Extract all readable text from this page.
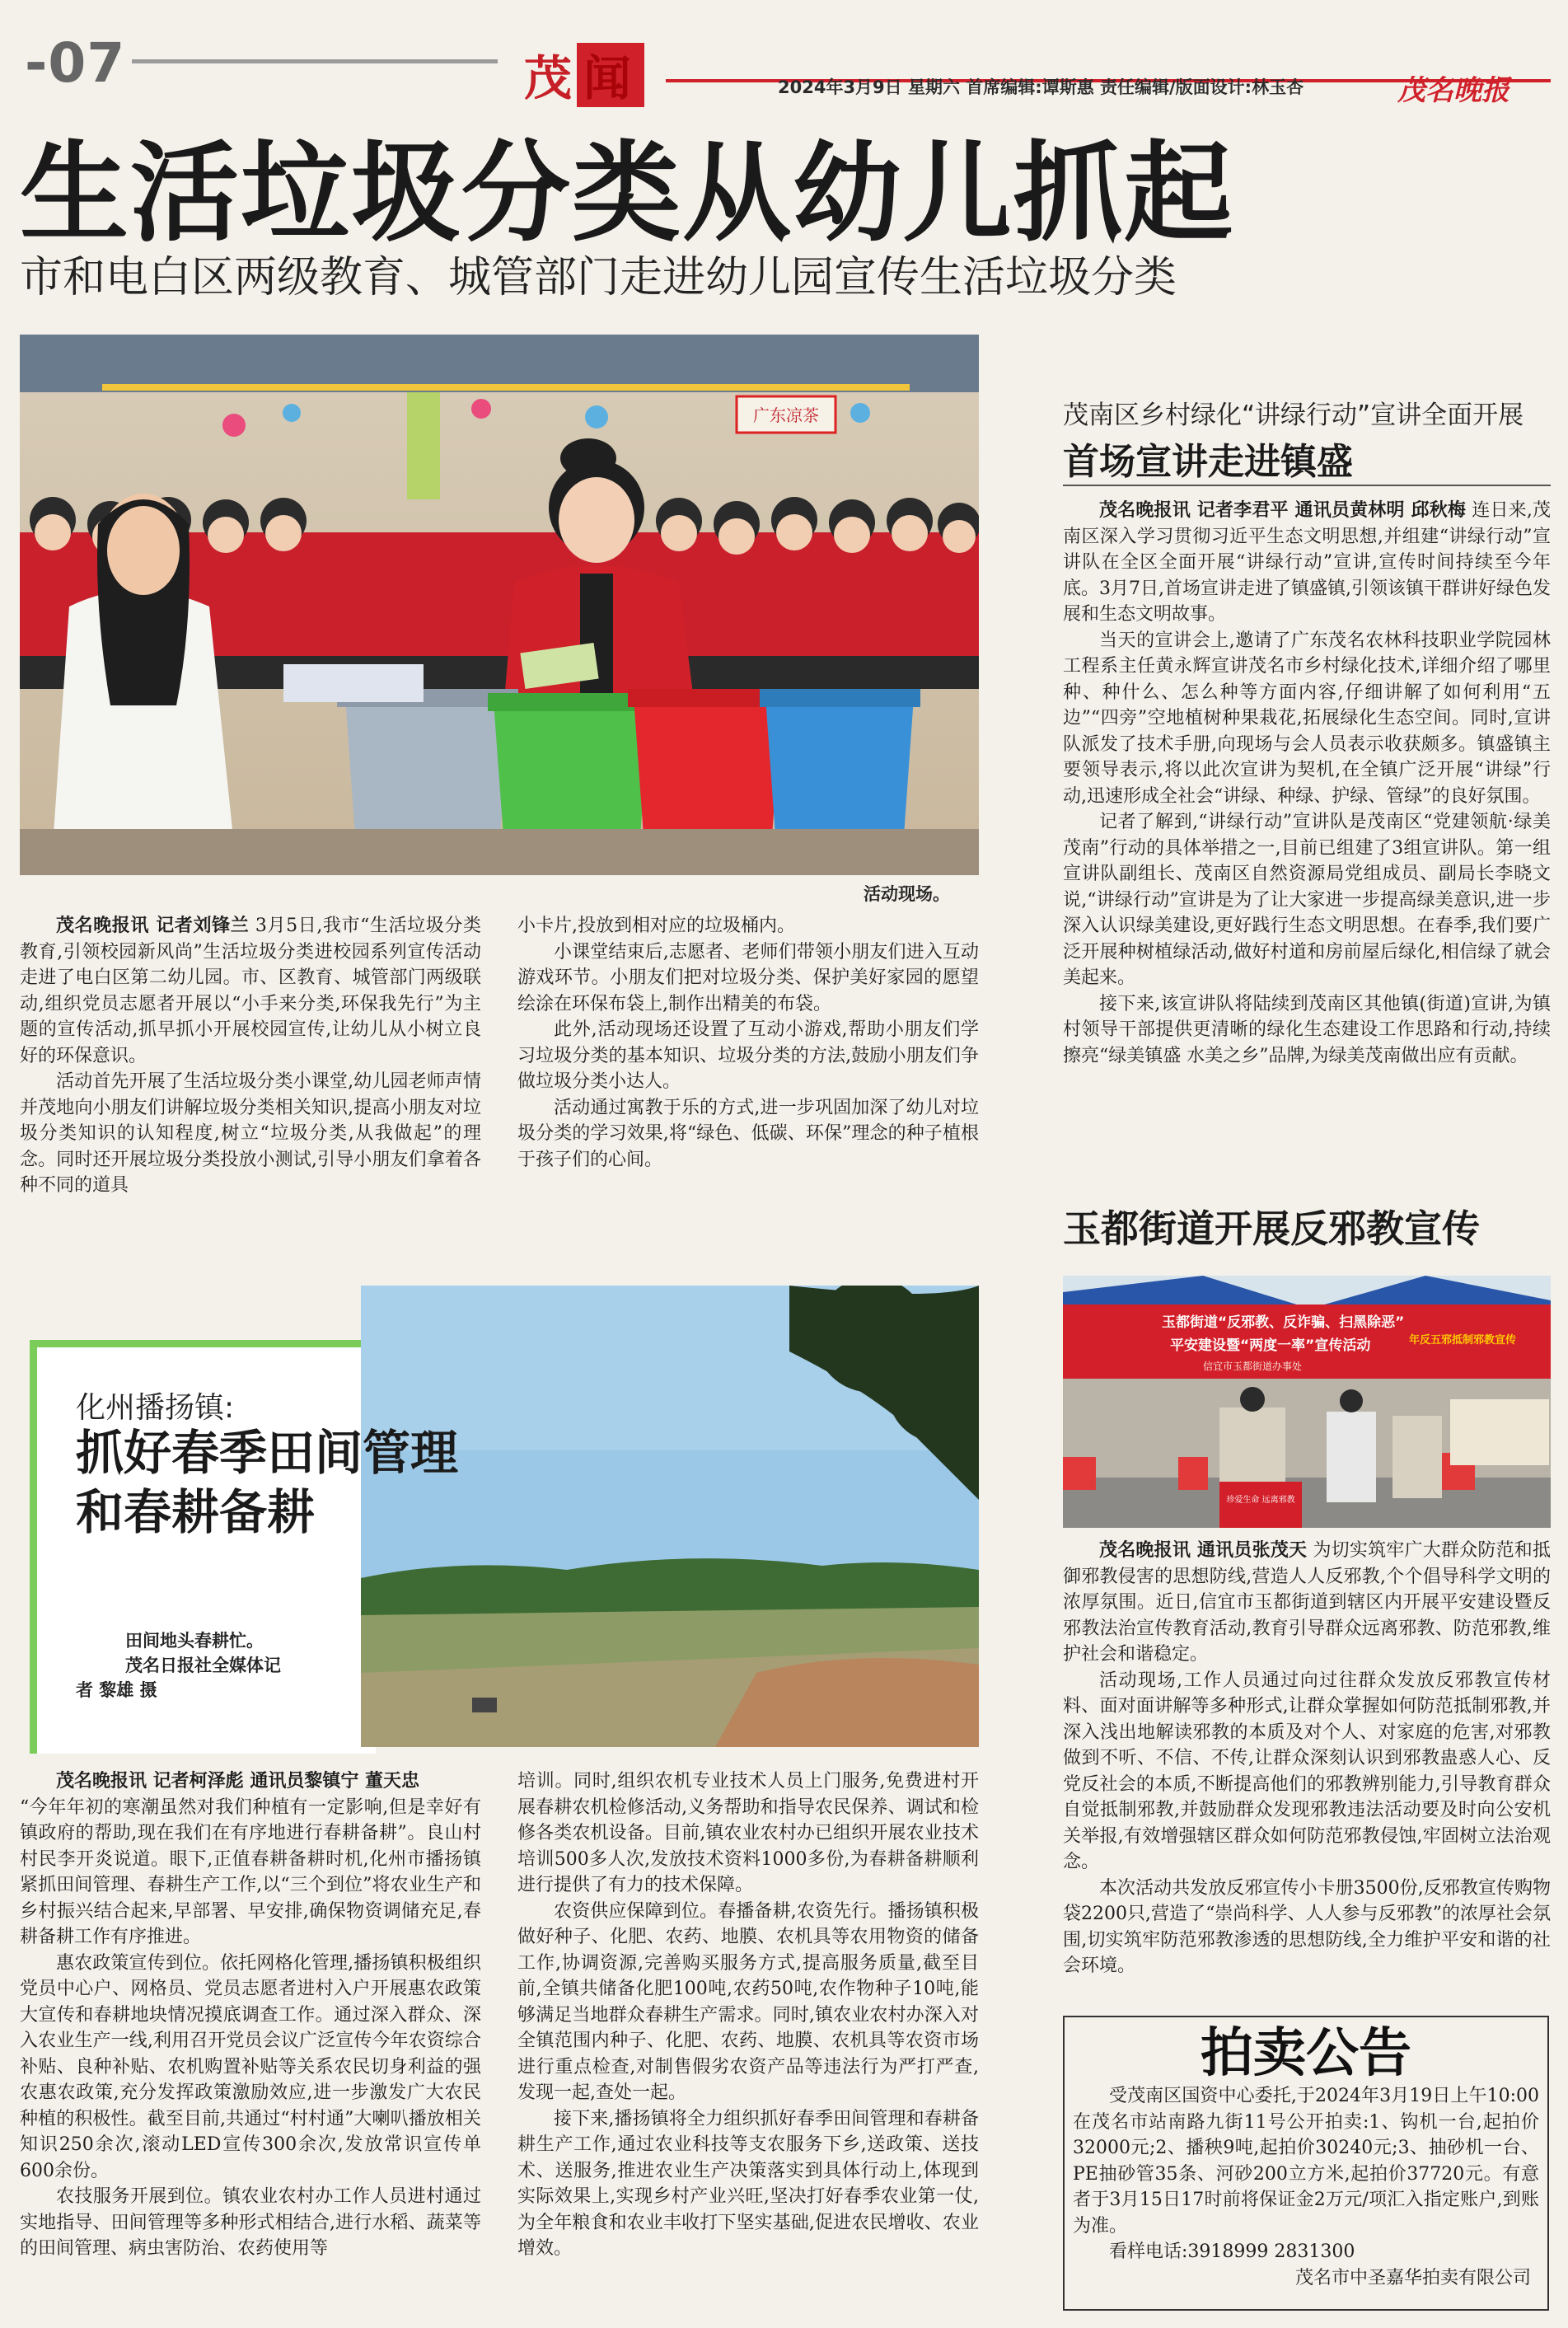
-07	茂闻	2024年3月9日 星期六 首席编辑:谭斯惠 责任编辑/版面设计:林玉杏	茂名晚报
生活垃圾分类从幼儿抓起
市和电白区两级教育、城管部门走进幼儿园宣传生活垃圾分类
广东凉茶
活动现场。

茂名晚报讯 记者刘锋兰 3月5日,我市“生活垃圾分类教育,引领校园新风尚”生活垃圾分类进校园系列宣传活动走进了电白区第二幼儿园。市、区教育、城管部门两级联动,组织党员志愿者开展以“小手来分类,环保我先行”为主题的宣传活动,抓早抓小开展校园宣传,让幼儿从小树立良好的环保意识。

活动首先开展了生活垃圾分类小课堂,幼儿园老师声情并茂地向小朋友们讲解垃圾分类相关知识,提高小朋友对垃圾分类知识的认知程度,树立“垃圾分类,从我做起”的理念。同时还开展垃圾分类投放小测试,引导小朋友们拿着各种不同的道具

小卡片,投放到相对应的垃圾桶内。

小课堂结束后,志愿者、老师们带领小朋友们进入互动游戏环节。小朋友们把对垃圾分类、保护美好家园的愿望绘涂在环保布袋上,制作出精美的布袋。

此外,活动现场还设置了互动小游戏,帮助小朋友们学习垃圾分类的基本知识、垃圾分类的方法,鼓励小朋友们争做垃圾分类小达人。

活动通过寓教于乐的方式,进一步巩固加深了幼儿对垃圾分类的学习效果,将“绿色、低碳、环保”理念的种子植根于孩子们的心间。

茂南区乡村绿化“讲绿行动”宣讲全面开展
首场宣讲走进镇盛

茂名晚报讯 记者李君平 通讯员黄林明 邱秋梅 连日来,茂南区深入学习贯彻习近平生态文明思想,并组建“讲绿行动”宣讲队在全区全面开展“讲绿行动”宣讲,宣传时间持续至今年底。3月7日,首场宣讲走进了镇盛镇,引领该镇干群讲好绿色发展和生态文明故事。

当天的宣讲会上,邀请了广东茂名农林科技职业学院园林工程系主任黄永辉宣讲茂名市乡村绿化技术,详细介绍了哪里种、种什么、怎么种等方面内容,仔细讲解了如何利用“五边”“四旁”空地植树种果栽花,拓展绿化生态空间。同时,宣讲队派发了技术手册,向现场与会人员表示收获颇多。镇盛镇主要领导表示,将以此次宣讲为契机,在全镇广泛开展“讲绿”行动,迅速形成全社会“讲绿、种绿、护绿、管绿”的良好氛围。

记者了解到,“讲绿行动”宣讲队是茂南区“党建领航·绿美茂南”行动的具体举措之一,目前已组建了3组宣讲队。第一组宣讲队副组长、茂南区自然资源局党组成员、副局长李晓文说,“讲绿行动”宣讲是为了让大家进一步提高绿美意识,进一步深入认识绿美建设,更好践行生态文明思想。在春季,我们要广泛开展种树植绿活动,做好村道和房前屋后绿化,相信绿了就会美起来。

接下来,该宣讲队将陆续到茂南区其他镇(街道)宣讲,为镇村领导干部提供更清晰的绿化生态建设工作思路和行动,持续擦亮“绿美镇盛 水美之乡”品牌,为绿美茂南做出应有贡献。

玉都街道开展反邪教宣传
玉都街道“反邪教、反诈骗、扫黑除恶”
平安建设暨“两度一率”宣传活动
信宜市玉都街道办事处
年反五邪抵制邪教宣传
珍爱生命 远离邪教

茂名晚报讯 通讯员张茂天 为切实筑牢广大群众防范和抵御邪教侵害的思想防线,营造人人反邪教,个个倡导科学文明的浓厚氛围。近日,信宜市玉都街道到辖区内开展平安建设暨反邪教法治宣传教育活动,教育引导群众远离邪教、防范邪教,维护社会和谐稳定。

活动现场,工作人员通过向过往群众发放反邪教宣传材料、面对面讲解等多种形式,让群众掌握如何防范抵制邪教,并深入浅出地解读邪教的本质及对个人、对家庭的危害,对邪教做到不听、不信、不传,让群众深刻认识到邪教蛊惑人心、反党反社会的本质,不断提高他们的邪教辨别能力,引导教育群众自觉抵制邪教,并鼓励群众发现邪教违法活动要及时向公安机关举报,有效增强辖区群众如何防范邪教侵蚀,牢固树立法治观念。

本次活动共发放反邪宣传小卡册3500份,反邪教宣传购物袋2200只,营造了“崇尚科学、人人参与反邪教”的浓厚社会氛围,切实筑牢防范邪教渗透的思想防线,全力维护平安和谐的社会环境。

拍卖公告

受茂南区国资中心委托,于2024年3月19日上午10:00在茂名市站南路九街11号公开拍卖:1、钩机一台,起拍价32000元;2、播秧9吨,起拍价30240元;3、抽砂机一台、PE抽砂管35条、河砂200立方米,起拍价37720元。有意者于3月15日17时前将保证金2万元/项汇入指定账户,到账为准。

看样电话:3918999 2831300

茂名市中圣嘉华拍卖有限公司
化州播扬镇:
抓好春季田间管理
和春耕备耕
田间地头春耕忙。
茂名日报社全媒体记
者 黎雄 摄

茂名晚报讯 记者柯泽彪 通讯员黎镇宁 董天忠

“今年年初的寒潮虽然对我们种植有一定影响,但是幸好有镇政府的帮助,现在我们在有序地进行春耕备耕”。良山村村民李开炎说道。眼下,正值春耕备耕时机,化州市播扬镇紧抓田间管理、春耕生产工作,以“三个到位”将农业生产和乡村振兴结合起来,早部署、早安排,确保物资调储充足,春耕备耕工作有序推进。

惠农政策宣传到位。依托网格化管理,播扬镇积极组织党员中心户、网格员、党员志愿者进村入户开展惠农政策大宣传和春耕地块情况摸底调查工作。通过深入群众、深入农业生产一线,利用召开党员会议广泛宣传今年农资综合补贴、良种补贴、农机购置补贴等关系农民切身利益的强农惠农政策,充分发挥政策激励效应,进一步激发广大农民种植的积极性。截至目前,共通过“村村通”大喇叭播放相关知识250余次,滚动LED宣传300余次,发放常识宣传单600余份。

农技服务开展到位。镇农业农村办工作人员进村通过实地指导、田间管理等多种形式相结合,进行水稻、蔬菜等的田间管理、病虫害防治、农药使用等

培训。同时,组织农机专业技术人员上门服务,免费进村开展春耕农机检修活动,义务帮助和指导农民保养、调试和检修各类农机设备。目前,镇农业农村办已组织开展农业技术培训500多人次,发放技术资料1000多份,为春耕备耕顺利进行提供了有力的技术保障。

农资供应保障到位。春播备耕,农资先行。播扬镇积极做好种子、化肥、农药、地膜、农机具等农用物资的储备工作,协调资源,完善购买服务方式,提高服务质量,截至目前,全镇共储备化肥100吨,农药50吨,农作物种子10吨,能够满足当地群众春耕生产需求。同时,镇农业农村办深入对全镇范围内种子、化肥、农药、地膜、农机具等农资市场进行重点检查,对制售假劣农资产品等违法行为严打严查,发现一起,查处一起。

接下来,播扬镇将全力组织抓好春季田间管理和春耕备耕生产工作,通过农业科技等支农服务下乡,送政策、送技术、送服务,推进农业生产决策落实到具体行动上,体现到实际效果上,实现乡村产业兴旺,坚决打好春季农业第一仗,为全年粮食和农业丰收打下坚实基础,促进农民增收、农业增效。
